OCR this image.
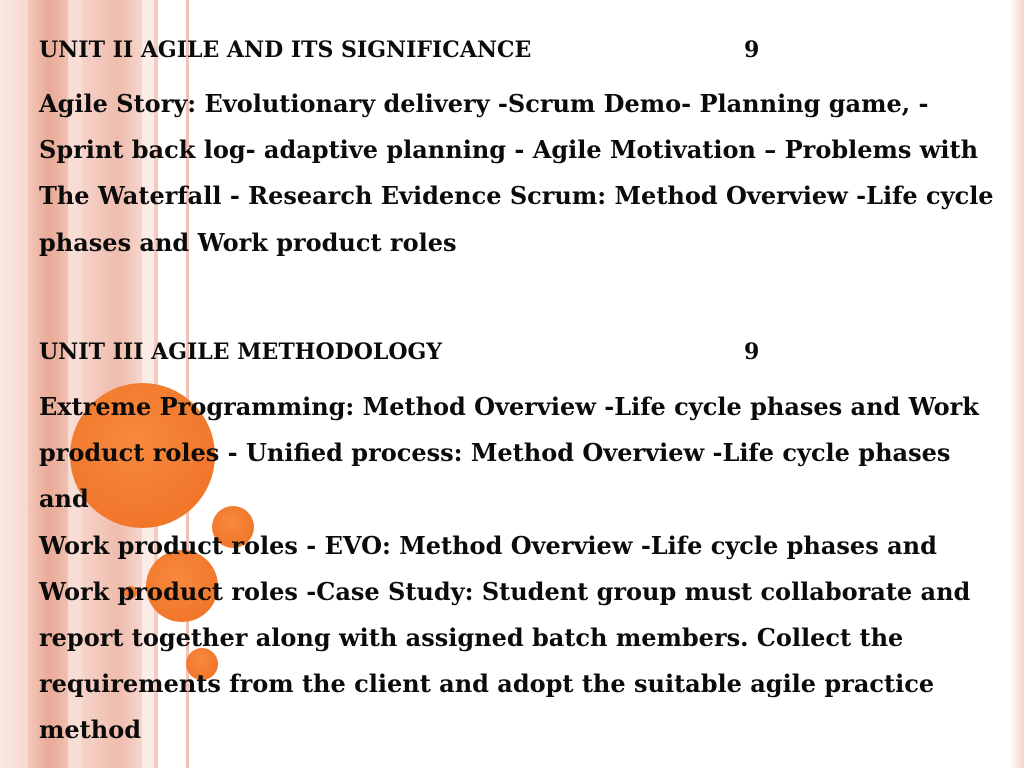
UNIT II AGILE AND ITS SIGNIFICANCE	9
Agile Story: Evolutionary delivery -Scrum Demo- Planning game, -
Sprint back log- adaptive planning - Agile Motivation – Problems with
The Waterfall - Research Evidence Scrum: Method Overview -Life cycle
phases and Work product roles
UNIT III AGILE METHODOLOGY	9
Extreme Programming: Method Overview -Life cycle phases and Work
product roles - Unified process: Method Overview -Life cycle phases and
Work product roles - EVO: Method Overview -Life cycle phases and
Work product roles -Case Study: Student group must collaborate and
report together along with assigned batch members. Collect the
requirements from the client and adopt the suitable agile practice
method
